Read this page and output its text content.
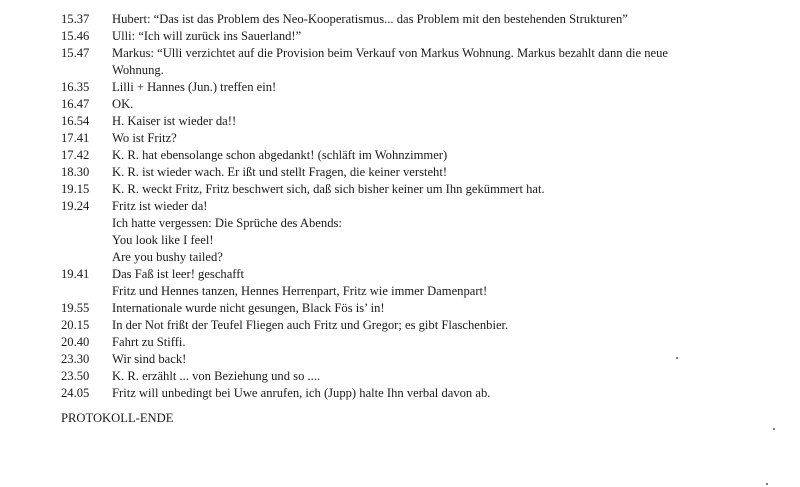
15.37	Hubert: “Das ist das Problem des Neo-Kooperatismus... das Problem mit den bestehenden Strukturen”
15.46	Ulli: “Ich will zurück ins Sauerland!”
15.47	Markus: “Ulli verzichtet auf die Provision beim Verkauf von Markus Wohnung. Markus bezahlt dann die neue
Wohnung.
16.35	Lilli + Hannes (Jun.) treffen ein!
16.47	OK.
16.54	H. Kaiser ist wieder da!!
17.41	Wo ist Fritz?
17.42	K. R. hat ebensolange schon abgedankt! (schläft im Wohnzimmer)
18.30	K. R. ist wieder wach. Er ißt und stellt Fragen, die keiner versteht!
19.15	K. R. weckt Fritz, Fritz beschwert sich, daß sich bisher keiner um Ihn gekümmert hat.
19.24	Fritz ist wieder da!
Ich hatte vergessen: Die Sprüche des Abends:
You look like I feel!
Are you bushy tailed?
19.41	Das Faß ist leer! geschafft
Fritz und Hennes tanzen, Hennes Herrenpart, Fritz wie immer Damenpart!
19.55	Internationale wurde nicht gesungen, Black Fös is’ in!
20.15	In der Not frißt der Teufel Fliegen auch Fritz und Gregor; es gibt Flaschenbier.
20.40	Fahrt zu Stiffi.
23.30	Wir sind back!
23.50	K. R. erzählt ... von Beziehung und so ....
24.05	Fritz will unbedingt bei Uwe anrufen, ich (Jupp) halte Ihn verbal davon ab.
PROTOKOLL-ENDE
